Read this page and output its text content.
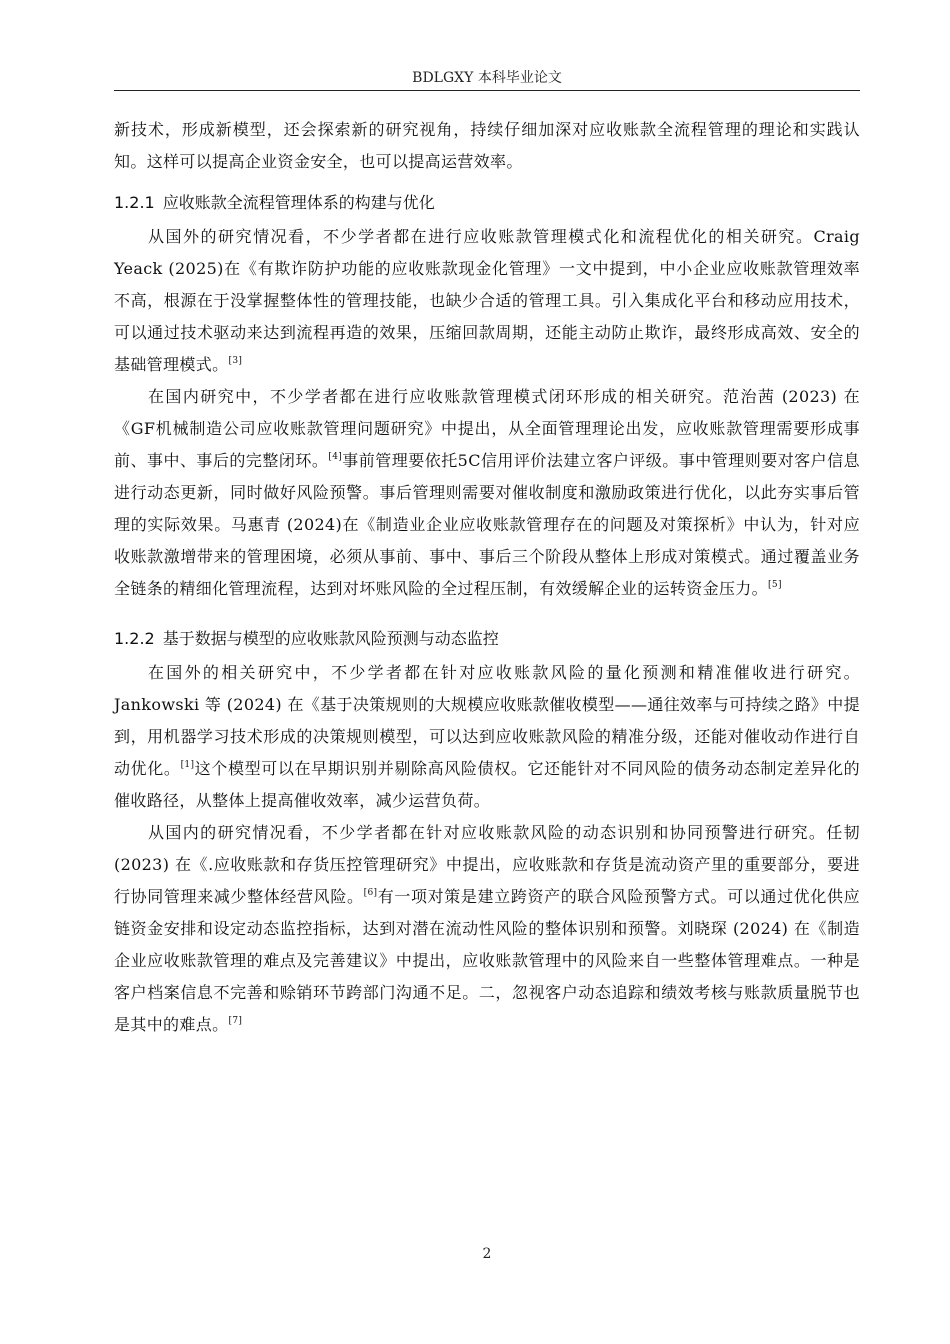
BDLGXY 本科毕业论文

新技术，形成新模型，还会探索新的研究视角，持续仔细加深对应收账款全流程管理的理论和实践认知。这样可以提高企业资金安全，也可以提高运营效率。

1.2.1 应收账款全流程管理体系的构建与优化

从国外的研究情况看，不少学者都在进行应收账款管理模式化和流程优化的相关研究。Craig Yeack (2025)在《有欺诈防护功能的应收账款现金化管理》一文中提到，中小企业应收账款管理效率不高，根源在于没掌握整体性的管理技能，也缺少合适的管理工具。引入集成化平台和移动应用技术，可以通过技术驱动来达到流程再造的效果，压缩回款周期，还能主动防止欺诈，最终形成高效、安全的基础管理模式。[3]

在国内研究中，不少学者都在进行应收账款管理模式闭环形成的相关研究。范治茜 (2023) 在《GF机械制造公司应收账款管理问题研究》中提出，从全面管理理论出发，应收账款管理需要形成事前、事中、事后的完整闭环。[4]事前管理要依托5C信用评价法建立客户评级。事中管理则要对客户信息进行动态更新，同时做好风险预警。事后管理则需要对催收制度和激励政策进行优化，以此夯实事后管理的实际效果。马惠青 (2024)在《制造业企业应收账款管理存在的问题及对策探析》中认为，针对应收账款激增带来的管理困境，必须从事前、事中、事后三个阶段从整体上形成对策模式。通过覆盖业务全链条的精细化管理流程，达到对坏账风险的全过程压制，有效缓解企业的运转资金压力。[5]

1.2.2 基于数据与模型的应收账款风险预测与动态监控

在国外的相关研究中，不少学者都在针对应收账款风险的量化预测和精准催收进行研究。Jankowski 等 (2024) 在《基于决策规则的大规模应收账款催收模型——通往效率与可持续之路》中提到，用机器学习技术形成的决策规则模型，可以达到应收账款风险的精准分级，还能对催收动作进行自动优化。[1]这个模型可以在早期识别并剔除高风险债权。它还能针对不同风险的债务动态制定差异化的催收路径，从整体上提高催收效率，减少运营负荷。

从国内的研究情况看，不少学者都在针对应收账款风险的动态识别和协同预警进行研究。任韧 (2023) 在《.应收账款和存货压控管理研究》中提出，应收账款和存货是流动资产里的重要部分，要进行协同管理来减少整体经营风险。[6]有一项对策是建立跨资产的联合风险预警方式。可以通过优化供应链资金安排和设定动态监控指标，达到对潜在流动性风险的整体识别和预警。刘晓琛 (2024) 在《制造企业应收账款管理的难点及完善建议》中提出，应收账款管理中的风险来自一些整体管理难点。一种是客户档案信息不完善和赊销环节跨部门沟通不足。二，忽视客户动态追踪和绩效考核与账款质量脱节也是其中的难点。[7]

2
